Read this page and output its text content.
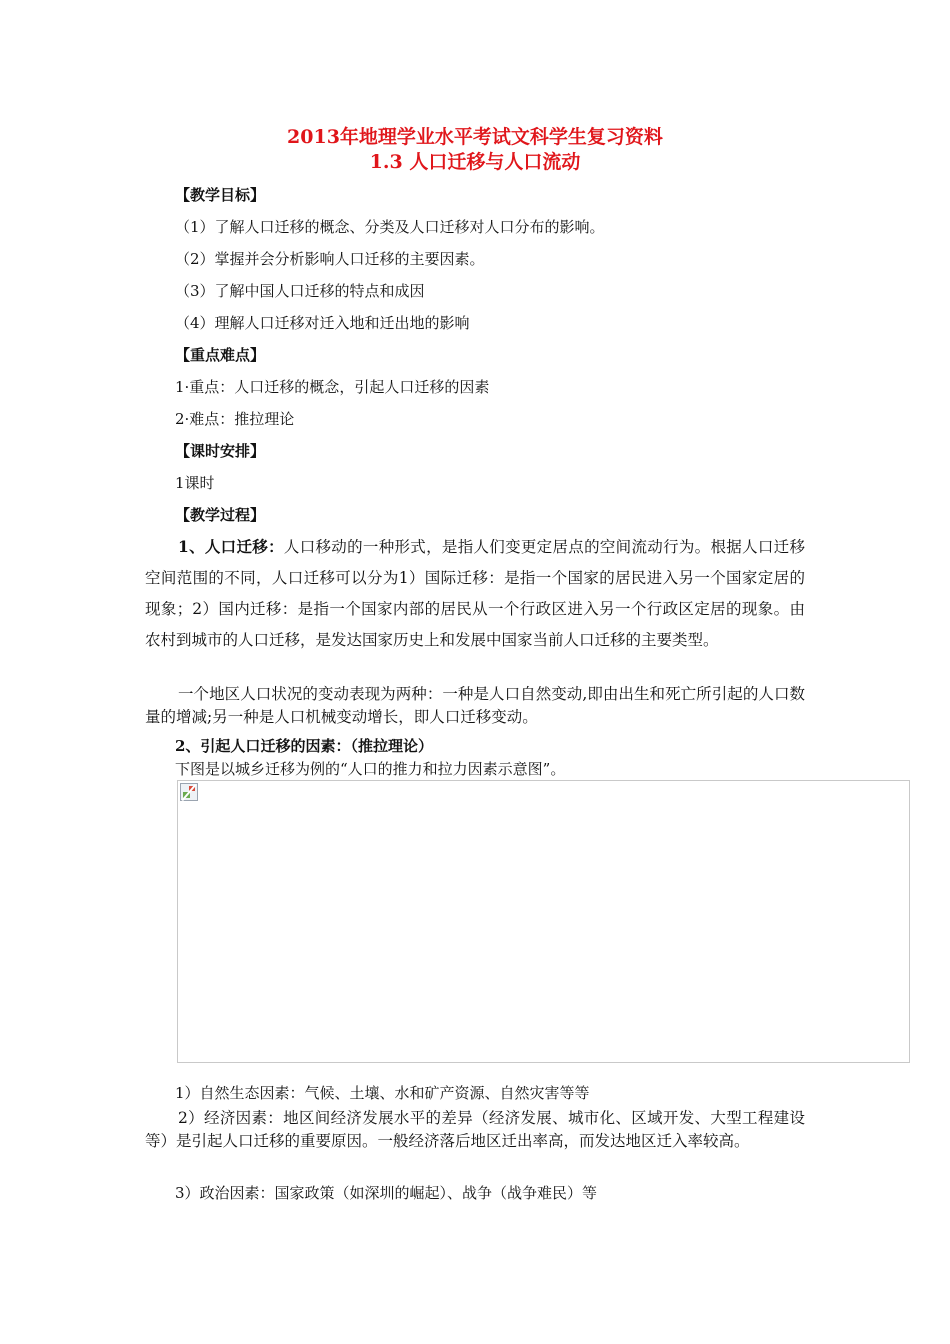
2013年地理学业水平考试文科学生复习资料
1.3 人口迁移与人口流动
【教学目标】
（1）了解人口迁移的概念、分类及人口迁移对人口分布的影响。
（2）掌握并会分析影响人口迁移的主要因素。
（3）了解中国人口迁移的特点和成因
（4）理解人口迁移对迁入地和迁出地的影响
【重点难点】
1·重点：人口迁移的概念，引起人口迁移的因素
2·难点：推拉理论
【课时安排】
1课时
【教学过程】
1、人口迁移：人口移动的一种形式，是指人们变更定居点的空间流动行为。根据人口迁移空间范围的不同，人口迁移可以分为1）国际迁移：是指一个国家的居民进入另一个国家定居的现象；2）国内迁移：是指一个国家内部的居民从一个行政区进入另一个行政区定居的现象。由农村到城市的人口迁移，是发达国家历史上和发展中国家当前人口迁移的主要类型。
一个地区人口状况的变动表现为两种：一种是人口自然变动,即由出生和死亡所引起的人口数量的增减;另一种是人口机械变动增长，即人口迁移变动。
2、引起人口迁移的因素：（推拉理论）
下图是以城乡迁移为例的“人口的推力和拉力因素示意图”。
1）自然生态因素：气候、土壤、水和矿产资源、自然灾害等等
2）经济因素：地区间经济发展水平的差异（经济发展、城市化、区域开发、大型工程建设等）是引起人口迁移的重要原因。一般经济落后地区迁出率高，而发达地区迁入率较高。
3）政治因素：国家政策（如深圳的崛起）、战争（战争难民）等
